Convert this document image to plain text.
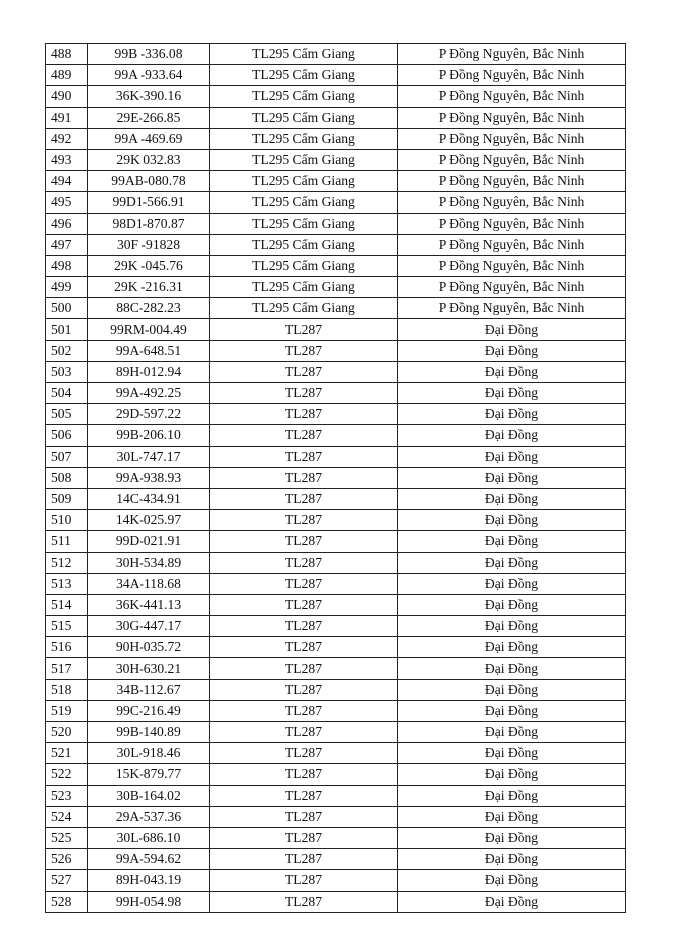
488	99B -336.08	TL295 Cẩm Giang	P Đồng Nguyên, Bắc Ninh
489	99A -933.64	TL295 Cẩm Giang	P Đồng Nguyên, Bắc Ninh
490	36K-390.16	TL295 Cẩm Giang	P Đồng Nguyên, Bắc Ninh
491	29E-266.85	TL295 Cẩm Giang	P Đồng Nguyên, Bắc Ninh
492	99A -469.69	TL295 Cẩm Giang	P Đồng Nguyên, Bắc Ninh
493	29K 032.83	TL295 Cẩm Giang	P Đồng Nguyên, Bắc Ninh
494	99AB-080.78	TL295 Cẩm Giang	P Đồng Nguyên, Bắc Ninh
495	99D1-566.91	TL295 Cẩm Giang	P Đồng Nguyên, Bắc Ninh
496	98D1-870.87	TL295 Cẩm Giang	P Đồng Nguyên, Bắc Ninh
497	30F -91828	TL295 Cẩm Giang	P Đồng Nguyên, Bắc Ninh
498	29K -045.76	TL295 Cẩm Giang	P Đồng Nguyên, Bắc Ninh
499	29K -216.31	TL295 Cẩm Giang	P Đồng Nguyên, Bắc Ninh
500	88C-282.23	TL295 Cẩm Giang	P Đồng Nguyên, Bắc Ninh
501	99RM-004.49	TL287	Đại Đồng
502	99A-648.51	TL287	Đại Đồng
503	89H-012.94	TL287	Đại Đồng
504	99A-492.25	TL287	Đại Đồng
505	29D-597.22	TL287	Đại Đồng
506	99B-206.10	TL287	Đại Đồng
507	30L-747.17	TL287	Đại Đồng
508	99A-938.93	TL287	Đại Đồng
509	14C-434.91	TL287	Đại Đồng
510	14K-025.97	TL287	Đại Đồng
511	99D-021.91	TL287	Đại Đồng
512	30H-534.89	TL287	Đại Đồng
513	34A-118.68	TL287	Đại Đồng
514	36K-441.13	TL287	Đại Đồng
515	30G-447.17	TL287	Đại Đồng
516	90H-035.72	TL287	Đại Đồng
517	30H-630.21	TL287	Đại Đồng
518	34B-112.67	TL287	Đại Đồng
519	99C-216.49	TL287	Đại Đồng
520	99B-140.89	TL287	Đại Đồng
521	30L-918.46	TL287	Đại Đồng
522	15K-879.77	TL287	Đại Đồng
523	30B-164.02	TL287	Đại Đồng
524	29A-537.36	TL287	Đại Đồng
525	30L-686.10	TL287	Đại Đồng
526	99A-594.62	TL287	Đại Đồng
527	89H-043.19	TL287	Đại Đồng
528	99H-054.98	TL287	Đại Đồng
